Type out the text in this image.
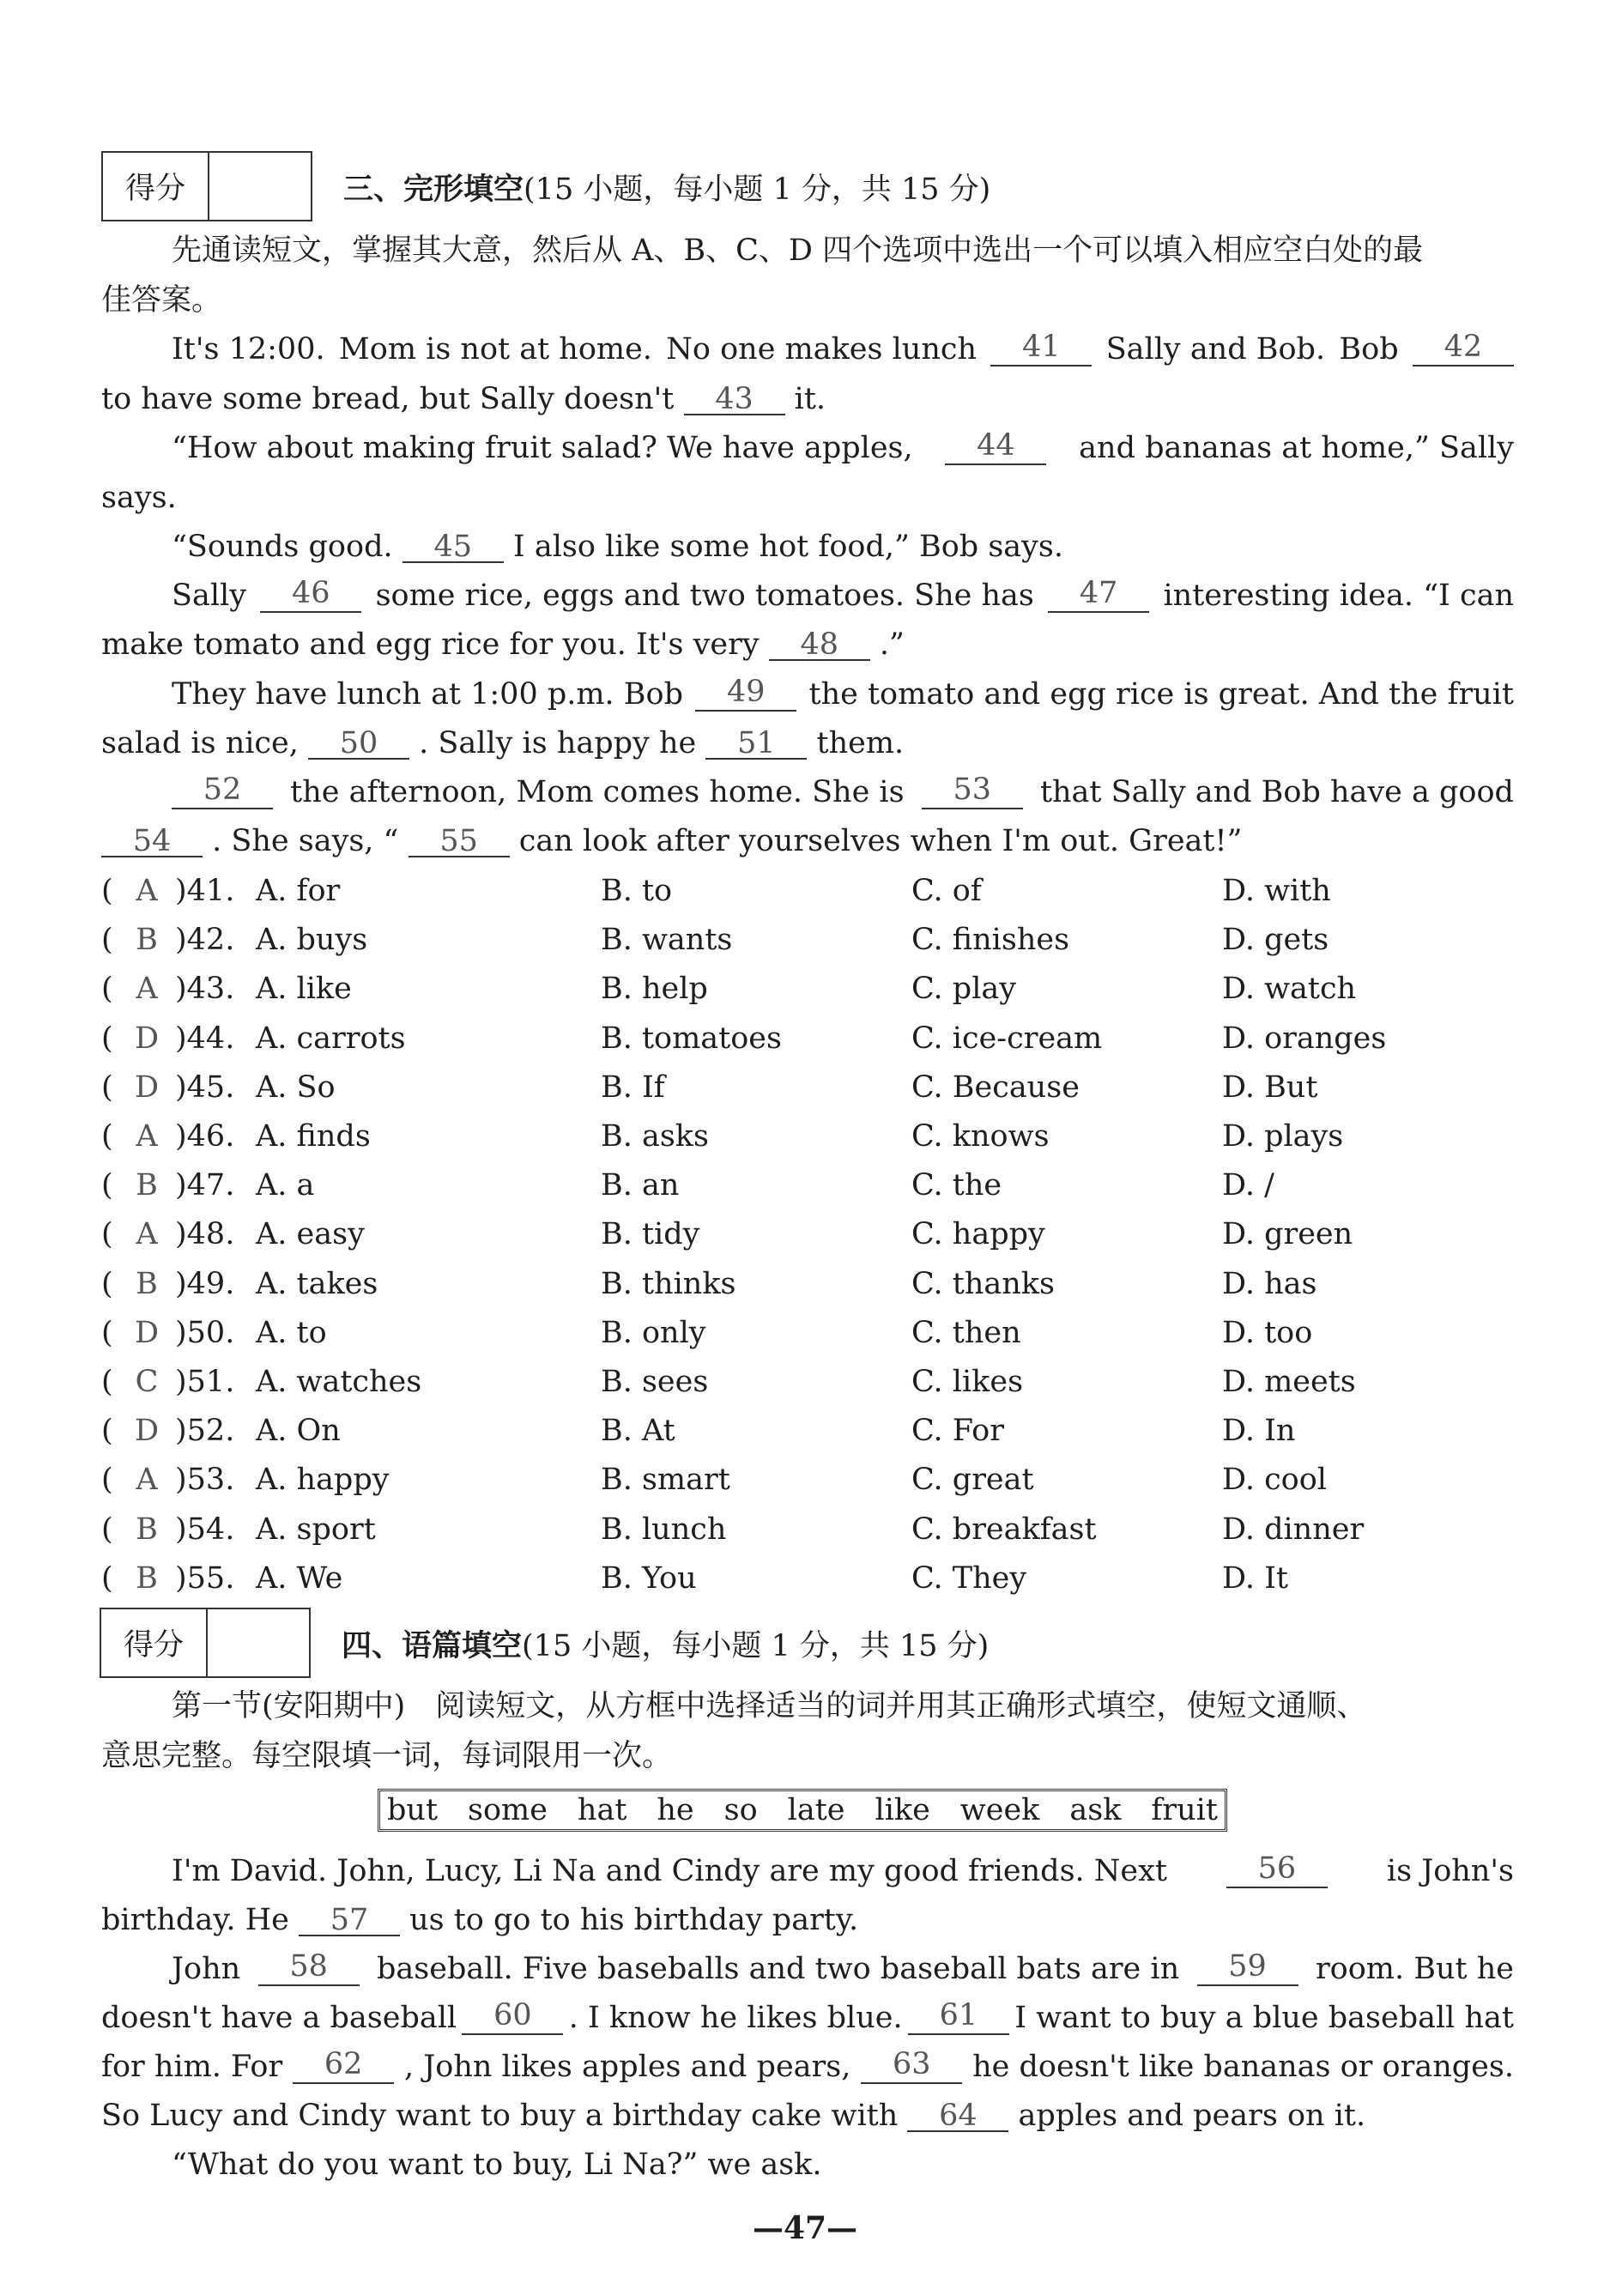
得分	三、完形填空(15 小题，每小题 1 分，共 15 分)
先通读短文，掌握其大意，然后从 A、B、C、D 四个选项中选出一个可以填入相应空白处的最
佳答案。
It's 12:00. Mom is not at home. No one makes lunch	41	Sally and Bob. Bob	42
to have some bread, but Sally doesn't 43 it.
“How about making fruit salad? We have apples,	44	and bananas at home,” Sally
says.
“Sounds good. 45 I also like some hot food,” Bob says.
Sally	46	some rice, eggs and two tomatoes. She has	47	interesting idea. “I can
make tomato and egg rice for you. It's very 48 .”
They have lunch at 1:00 p.m. Bob	49	the tomato and egg rice is great. And the fruit
salad is nice, 50 . Sally is happy he 51 them.
52	the afternoon, Mom comes home. She is	53	that Sally and Bob have a good
54 . She says, “ 55 can look after yourselves when I'm out. Great!”
( A )41. A. for	B. to	C. of	D. with
( B )42. A. buys	B. wants	C. finishes	D. gets
( A )43. A. like	B. help	C. play	D. watch
( D )44. A. carrots	B. tomatoes	C. ice-cream	D. oranges
( D )45. A. So	B. If	C. Because	D. But
( A )46. A. finds	B. asks	C. knows	D. plays
( B )47. A. a	B. an	C. the	D. /
( A )48. A. easy	B. tidy	C. happy	D. green
( B )49. A. takes	B. thinks	C. thanks	D. has
( D )50. A. to	B. only	C. then	D. too
( C )51. A. watches	B. sees	C. likes	D. meets
( D )52. A. On	B. At	C. For	D. In
( A )53. A. happy	B. smart	C. great	D. cool
( B )54. A. sport	B. lunch	C. breakfast	D. dinner
( B )55. A. We	B. You	C. They	D. It
得分	四、语篇填空(15 小题，每小题 1 分，共 15 分)
第一节(安阳期中)　阅读短文，从方框中选择适当的词并用其正确形式填空，使短文通顺、
意思完整。每空限填一词，每词限用一次。
but some hat he so late like week ask fruit
I'm David. John, Lucy, Li Na and Cindy are my good friends. Next	56	is John's
birthday. He 57 us to go to his birthday party.
John	58	baseball. Five baseballs and two baseball bats are in	59	room. But he
doesn't have a baseball	60	. I know he likes blue.	61	I want to buy a blue baseball hat
for him. For	62	, John likes apples and pears,	63	he doesn't like bananas or oranges.
So Lucy and Cindy want to buy a birthday cake with 64 apples and pears on it.
“What do you want to buy, Li Na?” we ask.
—47—
